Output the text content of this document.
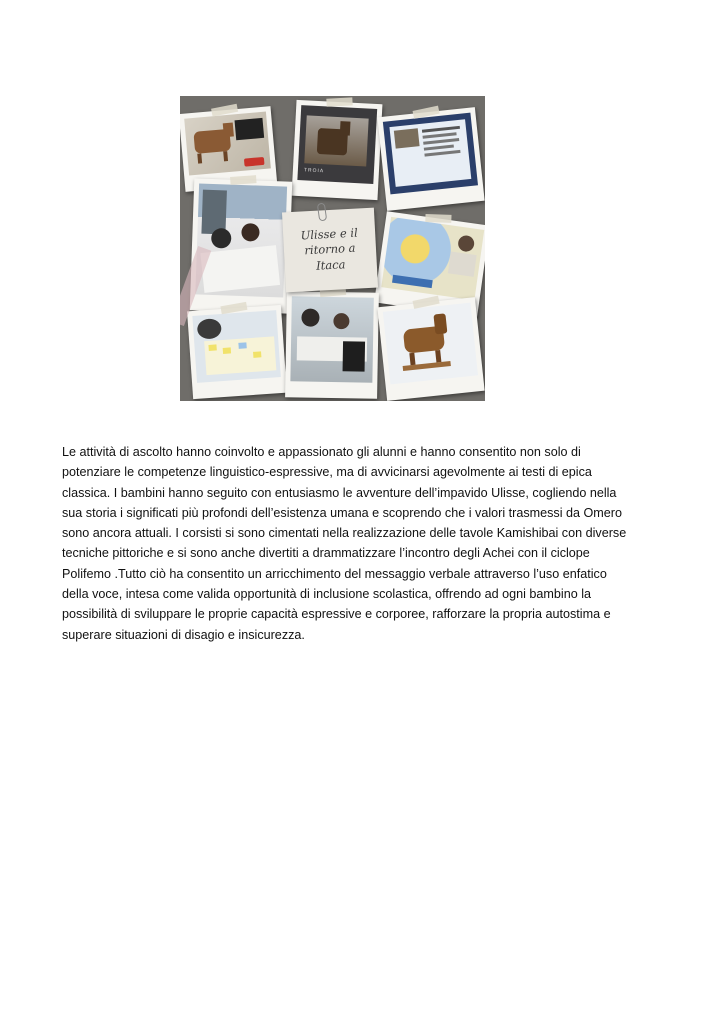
TROIA
Ulisse e il
ritorno a Itaca

Le attività di ascolto hanno coinvolto e appassionato gli alunni e hanno consentito non solo di

potenziare le competenze linguistico-espressive, ma di avvicinarsi agevolmente ai testi di epica

classica. I bambini hanno seguito con entusiasmo le avventure dell’impavido Ulisse, cogliendo nella

sua storia i significati più profondi dell’esistenza umana e scoprendo che i valori trasmessi da Omero

sono ancora attuali. I corsisti si sono cimentati nella realizzazione delle tavole Kamishibai con diverse

tecniche pittoriche e si sono anche divertiti a drammatizzare l’incontro degli Achei con il ciclope

Polifemo .Tutto ciò ha consentito un arricchimento del messaggio verbale attraverso l’uso enfatico

della voce, intesa come valida opportunità di inclusione scolastica, offrendo ad ogni bambino la

possibilità di sviluppare le proprie capacità espressive e corporee, rafforzare la propria autostima e

superare situazioni di disagio e insicurezza.
